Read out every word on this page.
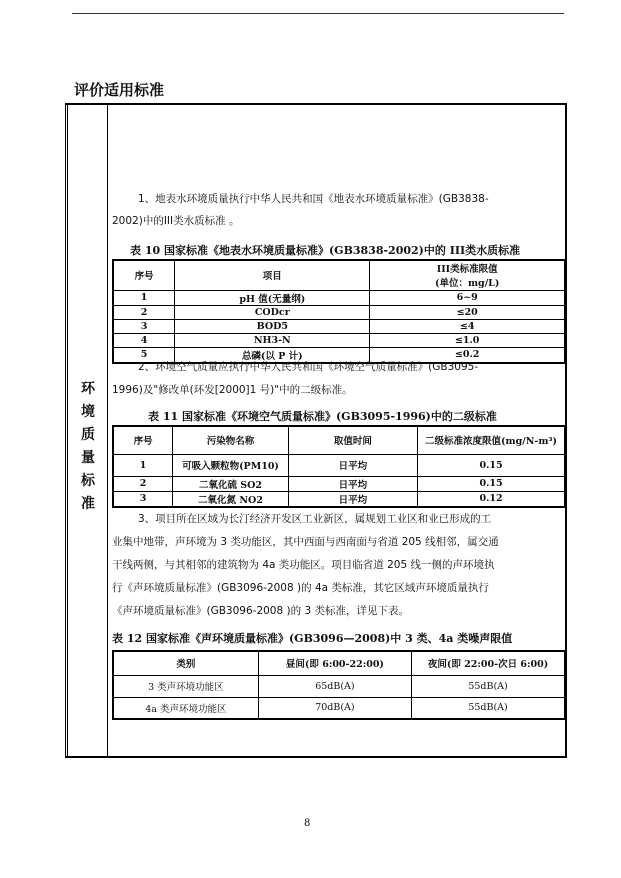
评价适用标准
环
境
质
量
标
准
1、地表水环境质量执行中华人民共和国《地表水环境质量标准》(GB3838-
2002)中的III类水质标准 。
表 10 国家标准《地表水环境质量标准》(GB3838-2002)中的 III类水质标准
序号	项目	III类标准限值
(单位：mg/L)

1	pH 值(无量纲)	6~9
2	CODcr	≤20
3	BOD5	≤4
4	NH3-N	≤1.0
5	总磷(以 P 计)	≤0.2
2、环境空气质量应执行中华人民共和国《环境空气质量标准》(GB3095-
1996)及"修改单(环发[2000]1 号)"中的二级标准。
表 11 国家标准《环境空气质量标准》(GB3095-1996)中的二级标准
序号	污染物名称	取值时间	二级标准浓度限值(mg/N-m³)
1	可吸入颗粒物(PM10)	日平均	0.15
2	二氧化硫 SO2	日平均	0.15
3	二氧化氮 NO2	日平均	0.12
3、项目所在区域为长汀经济开发区工业新区，属规划工业区和业已形成的工
业集中地带，声环境为 3 类功能区，其中西面与西南面与省道 205 线相邻，属交通
干线两侧，与其相邻的建筑物为 4a 类功能区。项目临省道 205 线一侧的声环境执
行《声环境质量标准》(GB3096-2008 )的 4a 类标准，其它区域声环境质量执行
《声环境质量标准》(GB3096-2008 )的 3 类标准，详见下表。
表 12 国家标准《声环境质量标准》(GB3096—2008)中 3 类、4a 类噪声限值
类别	昼间(即 6:00-22:00)	夜间(即 22:00-次日 6:00)
3 类声环境功能区	65dB(A)	55dB(A)
4a 类声环境功能区	70dB(A)	55dB(A)
8
